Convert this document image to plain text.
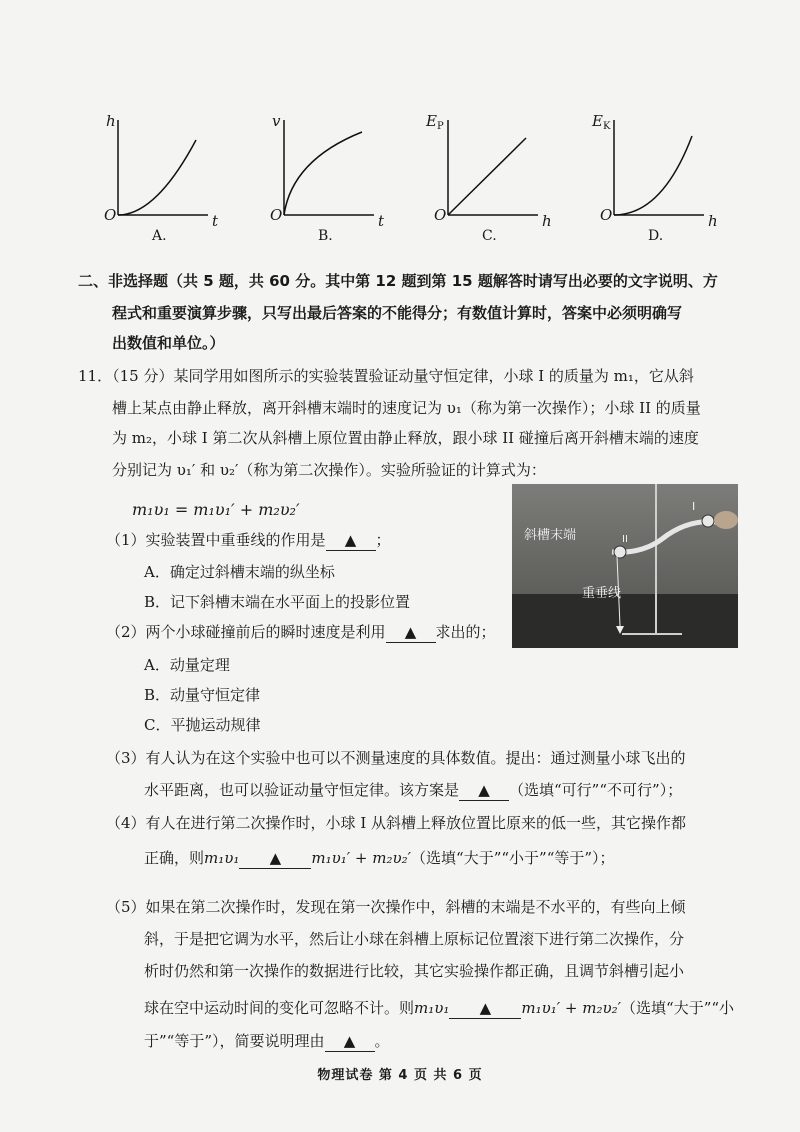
h
t
O
A.
v
t
O
B.
$E_P$
h
O
C.
$E_K$
h
O
D.
二、非选择题（共 5 题，共 60 分。其中第 12 题到第 15 题解答时请写出必要的文字说明、方
程式和重要演算步骤，只写出最后答案的不能得分；有数值计算时，答案中必须明确写
出数值和单位。）
11．（15 分）某同学用如图所示的实验装置验证动量守恒定律，小球 I 的质量为 m₁，它从斜
槽上某点由静止释放，离开斜槽末端时的速度记为 υ₁（称为第一次操作）；小球 II 的质量
为 m₂，小球 I 第二次从斜槽上原位置由静止释放，跟小球 II 碰撞后离开斜槽末端的速度
分别记为 υ₁′ 和 υ₂′（称为第二次操作）。实验所验证的计算式为：
m₁υ₁ = m₁υ₁′ + m₂υ₂′
（1）实验装置中重垂线的作用是 ▲ ；
A．确定过斜槽末端的纵坐标
B．记下斜槽末端在水平面上的投影位置
（2）两个小球碰撞前后的瞬时速度是利用 ▲ 求出的；
A．动量定理
B．动量守恒定律
C．平抛运动规律
（3）有人认为在这个实验中也可以不测量速度的具体数值。提出：通过测量小球飞出的
水平距离，也可以验证动量守恒定律。该方案是 ▲ （选填“可行”“不可行”）；
（4）有人在进行第二次操作时，小球 I 从斜槽上释放位置比原来的低一些，其它操作都
正确，则m₁υ₁ ▲ m₁υ₁′ + m₂υ₂′（选填“大于”“小于”“等于”）；
（5）如果在第二次操作时，发现在第一次操作中，斜槽的末端是不水平的，有些向上倾
斜，于是把它调为水平，然后让小球在斜槽上原标记位置滚下进行第二次操作，分
析时仍然和第一次操作的数据进行比较，其它实验操作都正确，且调节斜槽引起小
球在空中运动时间的变化可忽略不计。则m₁υ₁ ▲ m₁υ₁′ + m₂υ₂′（选填“大于”“小
于”“等于”），简要说明理由 ▲ 。
斜槽末端
I
II
重垂线
物理试卷 第 4 页 共 6 页
